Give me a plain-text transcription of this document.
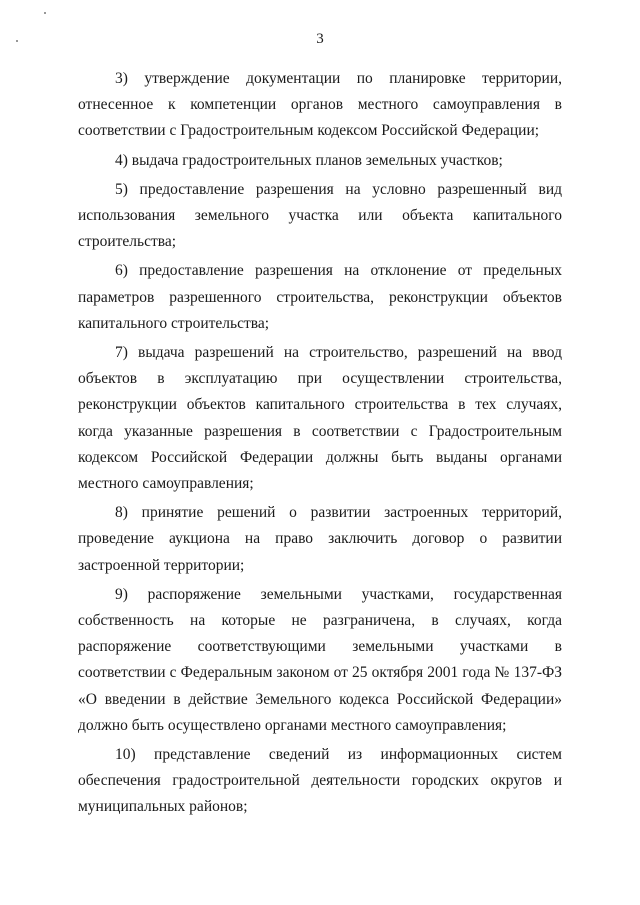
3

3) утверждение документации по планировке территории, отнесенное к компетенции органов местного самоуправления в соответствии с Градостроительным кодексом Российской Федерации;

4) выдача градостроительных планов земельных участков;

5) предоставление разрешения на условно разрешенный вид использования земельного участка или объекта капитального строительства;

6) предоставление разрешения на отклонение от предельных параметров разрешенного строительства, реконструкции объектов капитального строительства;

7) выдача разрешений на строительство, разрешений на ввод объектов в эксплуатацию при осуществлении строительства, реконструкции объектов капитального строительства в тех случаях, когда указанные разрешения в соответствии с Градостроительным кодексом Российской Федерации должны быть выданы органами местного самоуправления;

8) принятие решений о развитии застроенных территорий, проведение аукциона на право заключить договор о развитии застроенной территории;

9) распоряжение земельными участками, государственная собственность на которые не разграничена, в случаях, когда распоряжение соответствующими земельными участками в соответствии с Федеральным законом от 25 октября 2001 года № 137-ФЗ «О введении в действие Земельного кодекса Российской Федерации» должно быть осуществлено органами местного самоуправления;

10) представление сведений из информационных систем обеспечения градостроительной деятельности городских округов и муниципальных районов;
